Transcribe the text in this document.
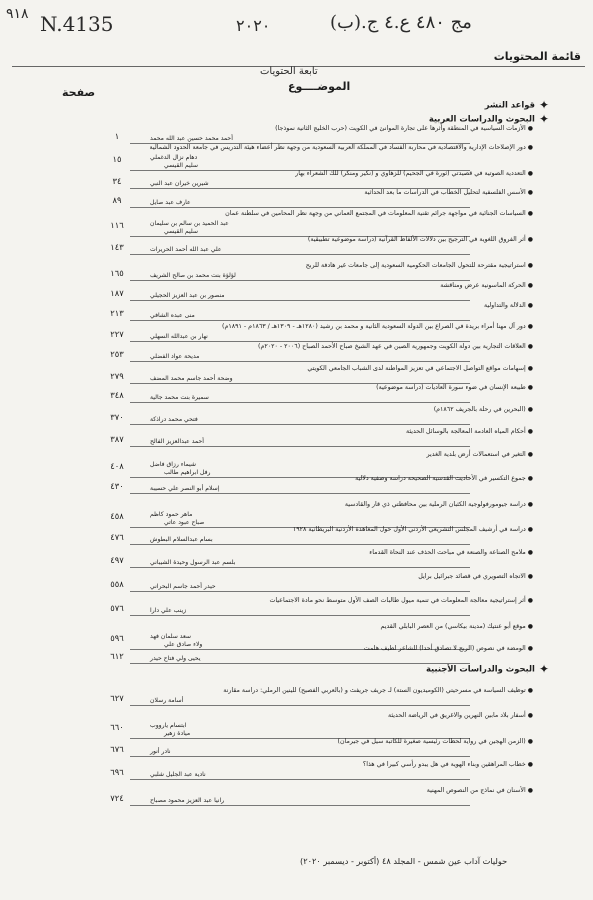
٩١٨ N.4135	٢٠٢٠	مج ٤٨٠ ع.٤ ج.(ب)
قائمة المحتويات
تابعة الحتويات
الموضــــوع
صفحة
✦قواعد النشر
✦البحوث والدراسات العربية
✦البحوث والدراسات الأجنبية
●الأزمات السياسية في المنطقة وأثرها على تجارة الموانئ في الكويت (حرب الخليج الثانية نموذجا)
أحمد محمد حسين عبد الله محمد
١
●دور الإصلاحات الإدارية والاقتصادية في محاربة الفساد في المملكة العربية السعودية من وجهة نظر أعضاء هيئة التدريس في جامعة الحدود الشمالية
دهام نزال الدغملي
سليم القيسي
١٥
●التعددية الصوتية في قصيدتي (ثورة في الجحيم) للزهاوي و (نكير ومنكر) للك الشعراء بهار
شيرين خيران عبد النبي
٣٤
●الأسس الفلسفية لتحليل الخطاب في الدراسات ما بعد الحداثية
عارف عبد صايل
٨٩
●السياسات الجنائية في مواجهة جرائم تقنية المعلومات في المجتمع العماني من وجهة نظر المحامين في سلطنة عمان
عبد الحميد بن سالم بن سليمان
سليم القيسي
١١٦
●أثر الفروق اللغوية في الترجيح بين دلالات الألفاظ القرآنية (دراسة موضوعية تطبيقية)
علي عبد الله أحمد الحريرات
١٤٣
●استراتيجية مقترحة للتحول الجامعات الحكومية السعودية إلى جامعات غير هادفة للربح
لؤلؤة بنت محمد بن صالح الشريف
١٦٥
●الحركة الماسونية عرض ومناقشة
منصور بن عبد العزيز الحجيلي
١٨٧
●الدلالة والتداولية
منى عبده الشافي
٢١٣
●دور آل مهنا أمراء بريدة في الصراع بين الدولة السعودية الثانية و محمد بن رشيد (١٢٨٠هـ - ١٣٠٩هـ / ١٨٦٣م - ١٨٩١م)
نهار بن عبدالله السهلي
٢٢٧
●العلاقات التجارية بين دولة الكويت وجمهورية الصين في عهد الشيخ صباح الأحمد الصباح (٢٠٠٦ - ٢٠٢٠م)
مديحة عواد الفضلي
٢٥٣
●إسهامات مواقع التواصل الاجتماعي في تعزيز المواطنة لدى الشباب الجامعي الكويتي
وضحة أحمد جاسم محمد المضف
٢٧٩
●طبيعة الإنسان في ضوء سورة العاديات (دراسة موضوعية)
سميرة بنت محمد جالية
٣٤٨
●(البحرين في رحلة بالجريف ١٨٦٢م)
فتحي محمد دراذكة
٣٧٠
●أحكام المياه العادمة المعالجة بالوسائل الحديثة
أحمد عبدالعزيز الفالح
٣٨٧
●التغير في استعمالات أرض بلدية الغدير
شيماء رزاق فاضل
رفل ابراهيم طالب
٤٠٨
●جموع التكسير في الأحاديث القدسية الصحيحة دراسة وصفية دلالية
إسلام أبو النصر علي حسيبة
٤٣٠
●دراسة جيومورفولوجية الكثبان الرملية بين محافظتي ذي قار والقادسية
ماهر حمود كاظم
صباح عبود عاتي
٤٥٨
●دراسة في أرشيف المجلس التشريعي الأردني الأول حول المعاهدة الأردنية البريطانية ١٩٢٨
بسام عبدالسلام البطوش
٤٧٦
●ملامح الصناعة والصنعة في مباحث الحذف عند النحاة القدماء
بلسم عبد الرسول وحيدة الشيباني
٤٩٧
●الاتجاه التصويري في قصائد جبرائيل برايل
حيدر أحمد جاسم البحراني
٥٥٨
●أثر إستراتيجية معالجة المعلومات في تنمية ميول طالبات الصف الأول متوسط نحو مادة الاجتماعيات
زينب علي دارا
٥٧٦
●موقع أبو عنتيك (مدينة بيكاسي) من العصر البابلي القديم
سعد سلمان فهد
ولاء صادق علي
٥٩٦
●الومضة في نصوص (الربح لا تصادق أحدا) للشاعر لطيف هلمت
يحيى ولي فتاح حيدر
٦١٢
●توظيف السياسة في مسرحيتي (الكوميديون الستة) لـ جريف جريفث و (بالعربي الفصيح) للينين الرملي: دراسة مقارنة
أسامة رسلان
٦٢٧
●أسفار بلاد مابين النهرين والاغريق في الرياضة الحديثة
ابتسام يارووب
ميادة زهير
٦٦٠
●(الزمن الهجين في رواية لحظات رئيسية صغيرة للكاتبة سيل في جيرمان)
نادر أنور
٦٧٦
●خطاب المراهقين وبناء الهوية في هل يبدو رأسي كبيرا في هذا؟
نادية عبد الجليل شلبي
٦٩٦
●الأسنان في نماذج من النصوص المهنية
رانيا عبد العزيز محمود مصباح
٧٢٤
حوليات آداب عين شمس - المجلد ٤٨ (أكتوبر - ديسمبر ٢٠٢٠)
